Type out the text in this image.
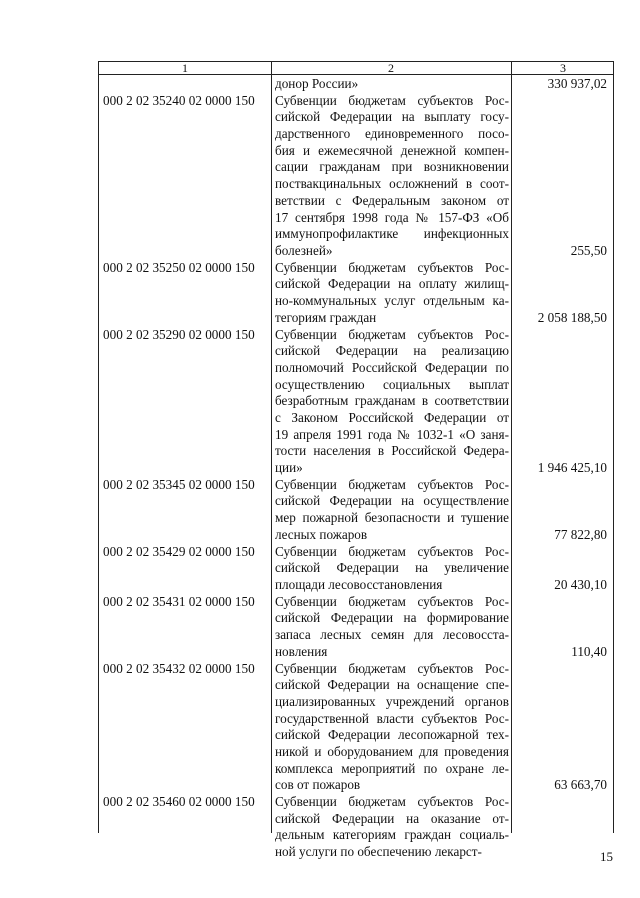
1	2	3
донор России»	330 937,02
000 2 02 35240 02 0000 150	Субвенции бюджетам субъектов Рос-
сийской Федерации на выплату госу-
дарственного единовременного посо-
бия и ежемесячной денежной компен-
сации гражданам при возникновении
поствакцинальных осложнений в соот-
ветствии с Федеральным законом от
17 сентября 1998 года № 157-ФЗ «Об
иммунопрофилактике инфекционных
болезней»	255,50
000 2 02 35250 02 0000 150	Субвенции бюджетам субъектов Рос-
сийской Федерации на оплату жилищ-
но-коммунальных услуг отдельным ка-
тегориям граждан	2 058 188,50
000 2 02 35290 02 0000 150	Субвенции бюджетам субъектов Рос-
сийской Федерации на реализацию
полномочий Российской Федерации по
осуществлению социальных выплат
безработным гражданам в соответствии
с Законом Российской Федерации от
19 апреля 1991 года № 1032-1 «О заня-
тости населения в Российской Федера-
ции»	1 946 425,10
000 2 02 35345 02 0000 150	Субвенции бюджетам субъектов Рос-
сийской Федерации на осуществление
мер пожарной безопасности и тушение
лесных пожаров	77 822,80
000 2 02 35429 02 0000 150	Субвенции бюджетам субъектов Рос-
сийской Федерации на увеличение
площади лесовосстановления	20 430,10
000 2 02 35431 02 0000 150	Субвенции бюджетам субъектов Рос-
сийской Федерации на формирование
запаса лесных семян для лесовосста-
новления	110,40
000 2 02 35432 02 0000 150	Субвенции бюджетам субъектов Рос-
сийской Федерации на оснащение спе-
циализированных учреждений органов
государственной власти субъектов Рос-
сийской Федерации лесопожарной тех-
никой и оборудованием для проведения
комплекса мероприятий по охране ле-
сов от пожаров	63 663,70
000 2 02 35460 02 0000 150	Субвенции бюджетам субъектов Рос-
сийской Федерации на оказание от-
дельным категориям граждан социаль-
ной услуги по обеспечению лекарст-	15
